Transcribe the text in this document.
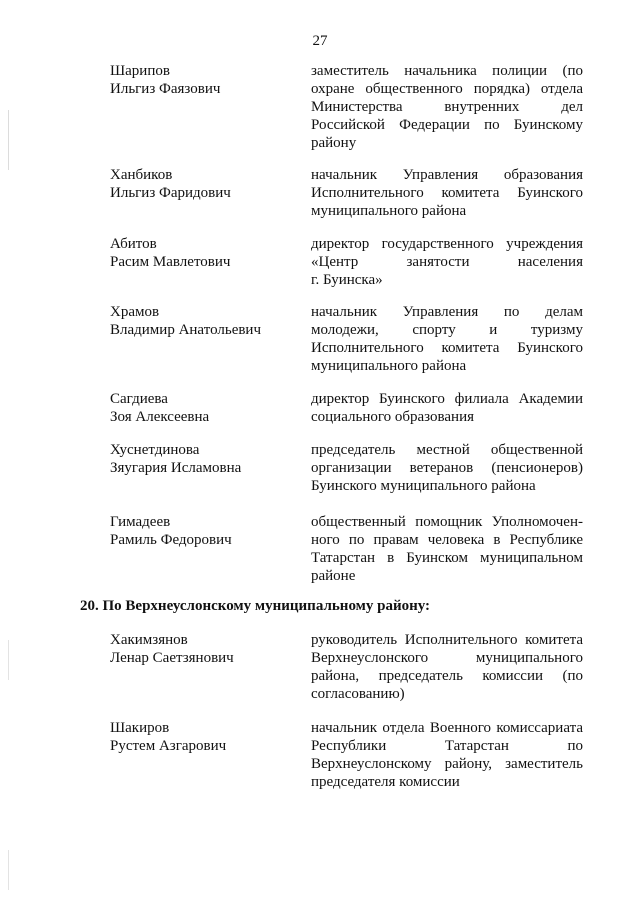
27
Шарипов
Ильгиз Фаязович
заместитель начальника полиции (по
охране общественного порядка) отдела
Министерства внутренних дел
Российской Федерации по Буинскому
району
Ханбиков
Ильгиз Фаридович
начальник Управления образования
Исполнительного комитета Буинского
муниципального района
Абитов
Расим Мавлетович
директор государственного учреждения
«Центр занятости населения
г. Буинска»
Храмов
Владимир Анатольевич
начальник Управления по делам
молодежи, спорту и туризму
Исполнительного комитета Буинского
муниципального района
Сагдиева
Зоя Алексеевна
директор Буинского филиала Академии
социального образования
Хуснетдинова
Зяугария Исламовна
председатель местной общественной
организации ветеранов (пенсионеров)
Буинского муниципального района
Гимадеев
Рамиль Федорович
общественный помощник Уполномочен-
ного по правам человека в Республике
Татарстан в Буинском муниципальном
районе
20. По Верхнеуслонскому муниципальному району:
Хакимзянов
Ленар Саетзянович
руководитель Исполнительного комитета
Верхнеуслонского муниципального
района, председатель комиссии (по
согласованию)
Шакиров
Рустем Азгарович
начальник отдела Военного комиссариата
Республики Татарстан по
Верхнеуслонскому району, заместитель
председателя комиссии
